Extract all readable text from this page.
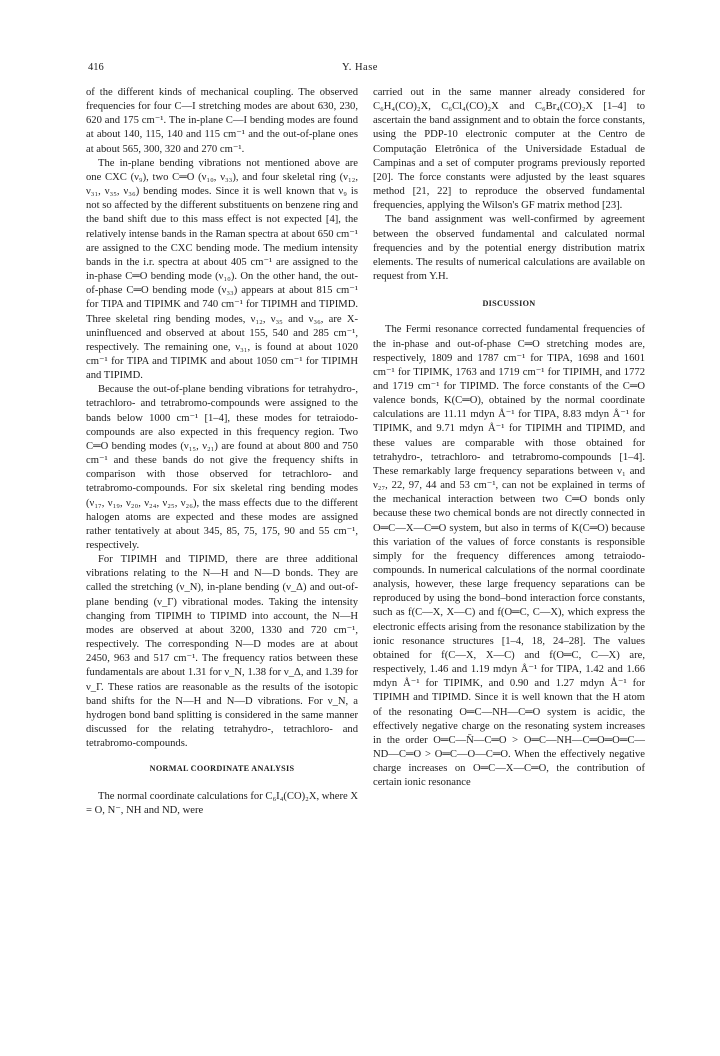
416	Y. Hase

of the different kinds of mechanical coupling. The observed frequencies for four C—I stretching modes are about 630, 230, 620 and 175 cm⁻¹. The in-plane C—I bending modes are found at about 140, 115, 140 and 115 cm⁻¹ and the out-of-plane ones at about 565, 300, 320 and 270 cm⁻¹.

The in-plane bending vibrations not mentioned above are one CXC (ν₉), two C═O (ν₁₀, ν₃₃), and four skeletal ring (ν₁₂, ν₃₁, ν₃₅, ν₃₆) bending modes. Since it is well known that ν₉ is not so affected by the different substituents on benzene ring and the band shift due to this mass effect is not expected [4], the relatively intense bands in the Raman spectra at about 650 cm⁻¹ are assigned to the CXC bending mode. The medium intensity bands in the i.r. spectra at about 405 cm⁻¹ are assigned to the in-phase C═O bending mode (ν₁₀). On the other hand, the out-of-phase C═O bending mode (ν₃₃) appears at about 815 cm⁻¹ for TIPA and TIPIMK and 740 cm⁻¹ for TIPIMH and TIPIMD. Three skeletal ring bending modes, ν₁₂, ν₃₅ and ν₃₆, are X-uninfluenced and observed at about 155, 540 and 285 cm⁻¹, respectively. The remaining one, ν₃₁, is found at about 1020 cm⁻¹ for TIPA and TIPIMK and about 1050 cm⁻¹ for TIPIMH and TIPIMD.

Because the out-of-plane bending vibrations for tetrahydro-, tetrachloro- and tetrabromo-compounds were assigned to the bands below 1000 cm⁻¹ [1–4], these modes for tetraiodo-compounds are also expected in this frequency region. Two C═O bending modes (ν₁₅, ν₂₁) are found at about 800 and 750 cm⁻¹ and these bands do not give the frequency shifts in comparison with those observed for tetrachloro- and tetrabromo-compounds. For six skeletal ring bending modes (ν₁₇, ν₁₉, ν₂₀, ν₂₄, ν₂₅, ν₂₆), the mass effects due to the different halogen atoms are expected and these modes are assigned rather tentatively at about 345, 85, 75, 175, 90 and 55 cm⁻¹, respectively.

For TIPIMH and TIPIMD, there are three additional vibrations relating to the N—H and N—D bonds. They are called the stretching (ν_N), in-plane bending (ν_Δ) and out-of-plane bending (ν_Γ) vibrational modes. Taking the intensity changing from TIPIMH to TIPIMD into account, the N—H modes are observed at about 3200, 1330 and 720 cm⁻¹, respectively. The corresponding N—D modes are at about 2450, 963 and 517 cm⁻¹. The frequency ratios between these fundamentals are about 1.31 for ν_N, 1.38 for ν_Δ, and 1.39 for ν_Γ. These ratios are reasonable as the results of the isotopic band shifts for the N—H and N—D vibrations. For ν_N, a hydrogen bond band splitting is considered in the same manner discussed for the relating tetrahydro-, tetrachloro- and tetrabromo-compounds.

NORMAL COORDINATE ANALYSIS

The normal coordinate calculations for C₆I₄(CO)₂X, where X = O, N⁻, NH and ND, were

carried out in the same manner already considered for C₆H₄(CO)₂X, C₆Cl₄(CO)₂X and C₆Br₄(CO)₂X [1–4] to ascertain the band assignment and to obtain the force constants, using the PDP-10 electronic computer at the Centro de Computação Eletrônica of the Universidade Estadual de Campinas and a set of computer programs previously reported [20]. The force constants were adjusted by the least squares method [21, 22] to reproduce the observed fundamental frequencies, applying the Wilson's GF matrix method [23].

The band assignment was well-confirmed by agreement between the observed fundamental and calculated normal frequencies and by the potential energy distribution matrix elements. The results of numerical calculations are available on request from Y.H.

DISCUSSION

The Fermi resonance corrected fundamental frequencies of the in-phase and out-of-phase C═O stretching modes are, respectively, 1809 and 1787 cm⁻¹ for TIPA, 1698 and 1601 cm⁻¹ for TIPIMK, 1763 and 1719 cm⁻¹ for TIPIMH, and 1772 and 1719 cm⁻¹ for TIPIMD. The force constants of the C═O valence bonds, K(C═O), obtained by the normal coordinate calculations are 11.11 mdyn Å⁻¹ for TIPA, 8.83 mdyn Å⁻¹ for TIPIMK, and 9.71 mdyn Å⁻¹ for TIPIMH and TIPIMD, and these values are comparable with those obtained for tetrahydro-, tetrachloro- and tetrabromo-compounds [1–4]. These remarkably large frequency separations between ν₁ and ν₂₇, 22, 97, 44 and 53 cm⁻¹, can not be explained in terms of the mechanical interaction between two C═O bonds only because these two chemical bonds are not directly connected in O═C—X—C═O system, but also in terms of K(C═O) because this variation of the values of force constants is responsible simply for the frequency differences among tetraiodo-compounds. In numerical calculations of the normal coordinate analysis, however, these large frequency separations can be reproduced by using the bond–bond interaction force constants, such as f(C—X, X—C) and f(O═C, C—X), which express the electronic effects arising from the resonance stabilization by the ionic resonance structures [1–4, 18, 24–28]. The values obtained for f(C—X, X—C) and f(O═C, C—X) are, respectively, 1.46 and 1.19 mdyn Å⁻¹ for TIPA, 1.42 and 1.66 mdyn Å⁻¹ for TIPIMK, and 0.90 and 1.27 mdyn Å⁻¹ for TIPIMH and TIPIMD. Since it is well known that the H atom of the resonating O═C—NH—C═O system is acidic, the effectively negative charge on the resonating system increases in the order O═C—N̄—C═O > O═C—NH—C═O═O═C—ND—C═O > O═C—O—C═O. When the effectively negative charge increases on O═C—X—C═O, the contribution of certain ionic resonance
